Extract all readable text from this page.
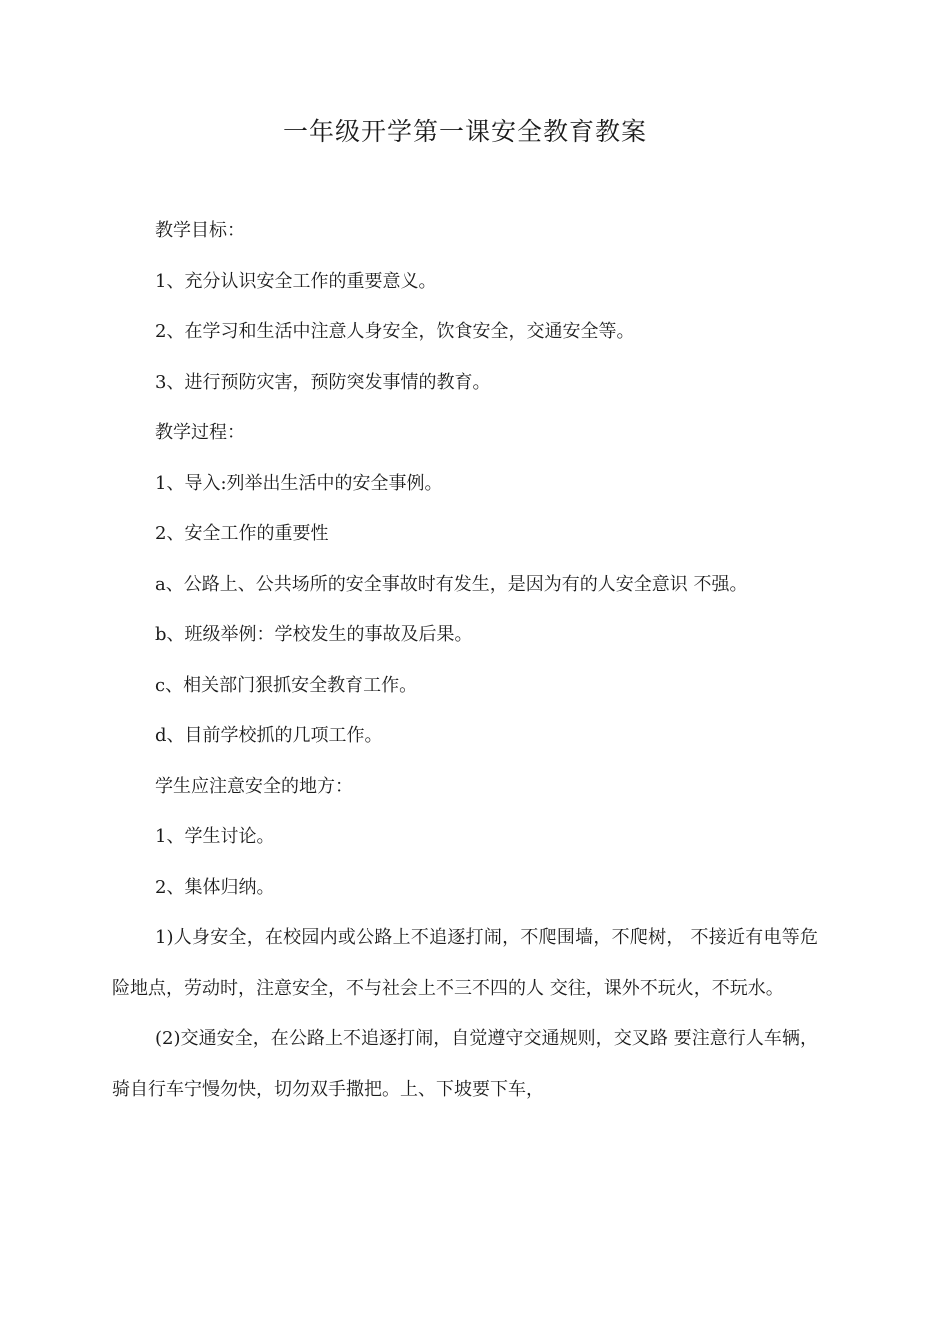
一年级开学第一课安全教育教案

教学目标：

1、充分认识安全工作的重要意义。

2、在学习和生活中注意人身安全，饮食安全，交通安全等。

3、进行预防灾害，预防突发事情的教育。

教学过程：

1、导入:列举出生活中的安全事例。

2、安全工作的重要性

a、公路上、公共场所的安全事故时有发生，是因为有的人安全意识 不强。

b、班级举例：学校发生的事故及后果。

c、相关部门狠抓安全教育工作。

d、目前学校抓的几项工作。

学生应注意安全的地方：

1、学生讨论。

2、集体归纳。

1)人身安全，在校园内或公路上不追逐打闹，不爬围墙，不爬树， 不接近有电等危险地点，劳动时，注意安全，不与社会上不三不四的人 交往，课外不玩火，不玩水。

(2)交通安全，在公路上不追逐打闹，自觉遵守交通规则，交叉路 要注意行人车辆，骑自行车宁慢勿快，切勿双手撒把。上、下坡要下车，
